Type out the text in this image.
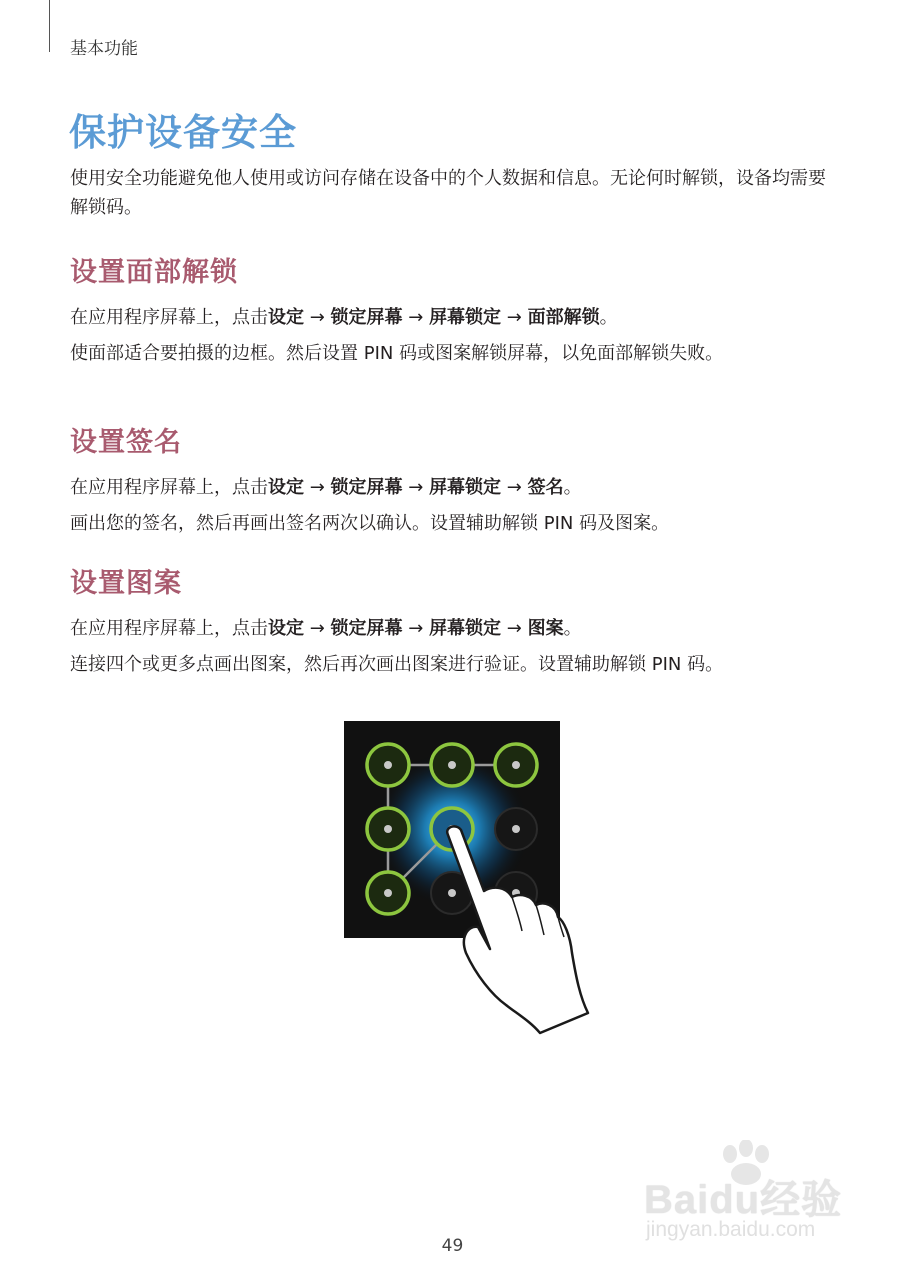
基本功能
保护设备安全

使用安全功能避免他人使用或访问存储在设备中的个人数据和信息。无论何时解锁，设备均需要解锁码。

设置面部解锁

在应用程序屏幕上，点击设定 → 锁定屏幕 → 屏幕锁定 → 面部解锁。

使面部适合要拍摄的边框。然后设置 PIN 码或图案解锁屏幕，以免面部解锁失败。

设置签名

在应用程序屏幕上，点击设定 → 锁定屏幕 → 屏幕锁定 → 签名。

画出您的签名，然后再画出签名两次以确认。设置辅助解锁 PIN 码及图案。

设置图案

在应用程序屏幕上，点击设定 → 锁定屏幕 → 屏幕锁定 → 图案。

连接四个或更多点画出图案，然后再次画出图案进行验证。设置辅助解锁 PIN 码。

49
Baidu经验
jingyan.baidu.com
